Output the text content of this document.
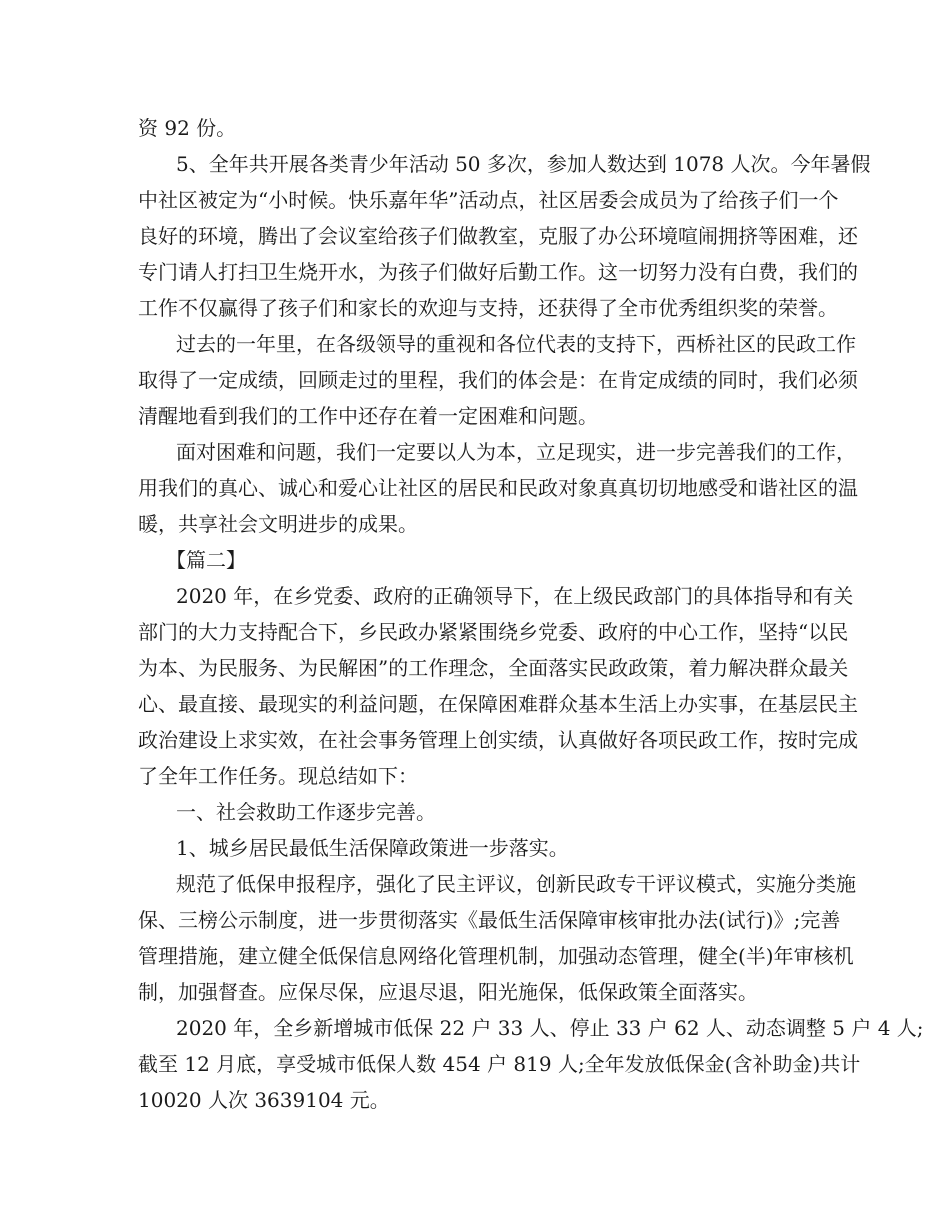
资 92 份。

5、全年共开展各类青少年活动 50 多次，参加人数达到 1078 人次。今年暑假

中社区被定为“小时候。快乐嘉年华”活动点，社区居委会成员为了给孩子们一个

良好的环境，腾出了会议室给孩子们做教室，克服了办公环境喧闹拥挤等困难，还

专门请人打扫卫生烧开水，为孩子们做好后勤工作。这一切努力没有白费，我们的

工作不仅赢得了孩子们和家长的欢迎与支持，还获得了全市优秀组织奖的荣誉。

过去的一年里，在各级领导的重视和各位代表的支持下，西桥社区的民政工作

取得了一定成绩，回顾走过的里程，我们的体会是：在肯定成绩的同时，我们必须

清醒地看到我们的工作中还存在着一定困难和问题。

面对困难和问题，我们一定要以人为本，立足现实，进一步完善我们的工作，

用我们的真心、诚心和爱心让社区的居民和民政对象真真切切地感受和谐社区的温

暖，共享社会文明进步的成果。

【篇二】

2020 年，在乡党委、政府的正确领导下，在上级民政部门的具体指导和有关

部门的大力支持配合下，乡民政办紧紧围绕乡党委、政府的中心工作，坚持“以民

为本、为民服务、为民解困”的工作理念，全面落实民政政策，着力解决群众最关

心、最直接、最现实的利益问题，在保障困难群众基本生活上办实事，在基层民主

政治建设上求实效，在社会事务管理上创实绩，认真做好各项民政工作，按时完成

了全年工作任务。现总结如下：

一、社会救助工作逐步完善。

1、城乡居民最低生活保障政策进一步落实。

规范了低保申报程序，强化了民主评议，创新民政专干评议模式，实施分类施

保、三榜公示制度，进一步贯彻落实《最低生活保障审核审批办法(试行)》;完善

管理措施，建立健全低保信息网络化管理机制，加强动态管理，健全(半)年审核机

制，加强督查。应保尽保，应退尽退，阳光施保，低保政策全面落实。

2020 年，全乡新增城市低保 22 户 33 人、停止 33 户 62 人、动态调整 5 户 4 人;

截至 12 月底，享受城市低保人数 454 户 819 人;全年发放低保金(含补助金)共计

10020 人次 3639104 元。
